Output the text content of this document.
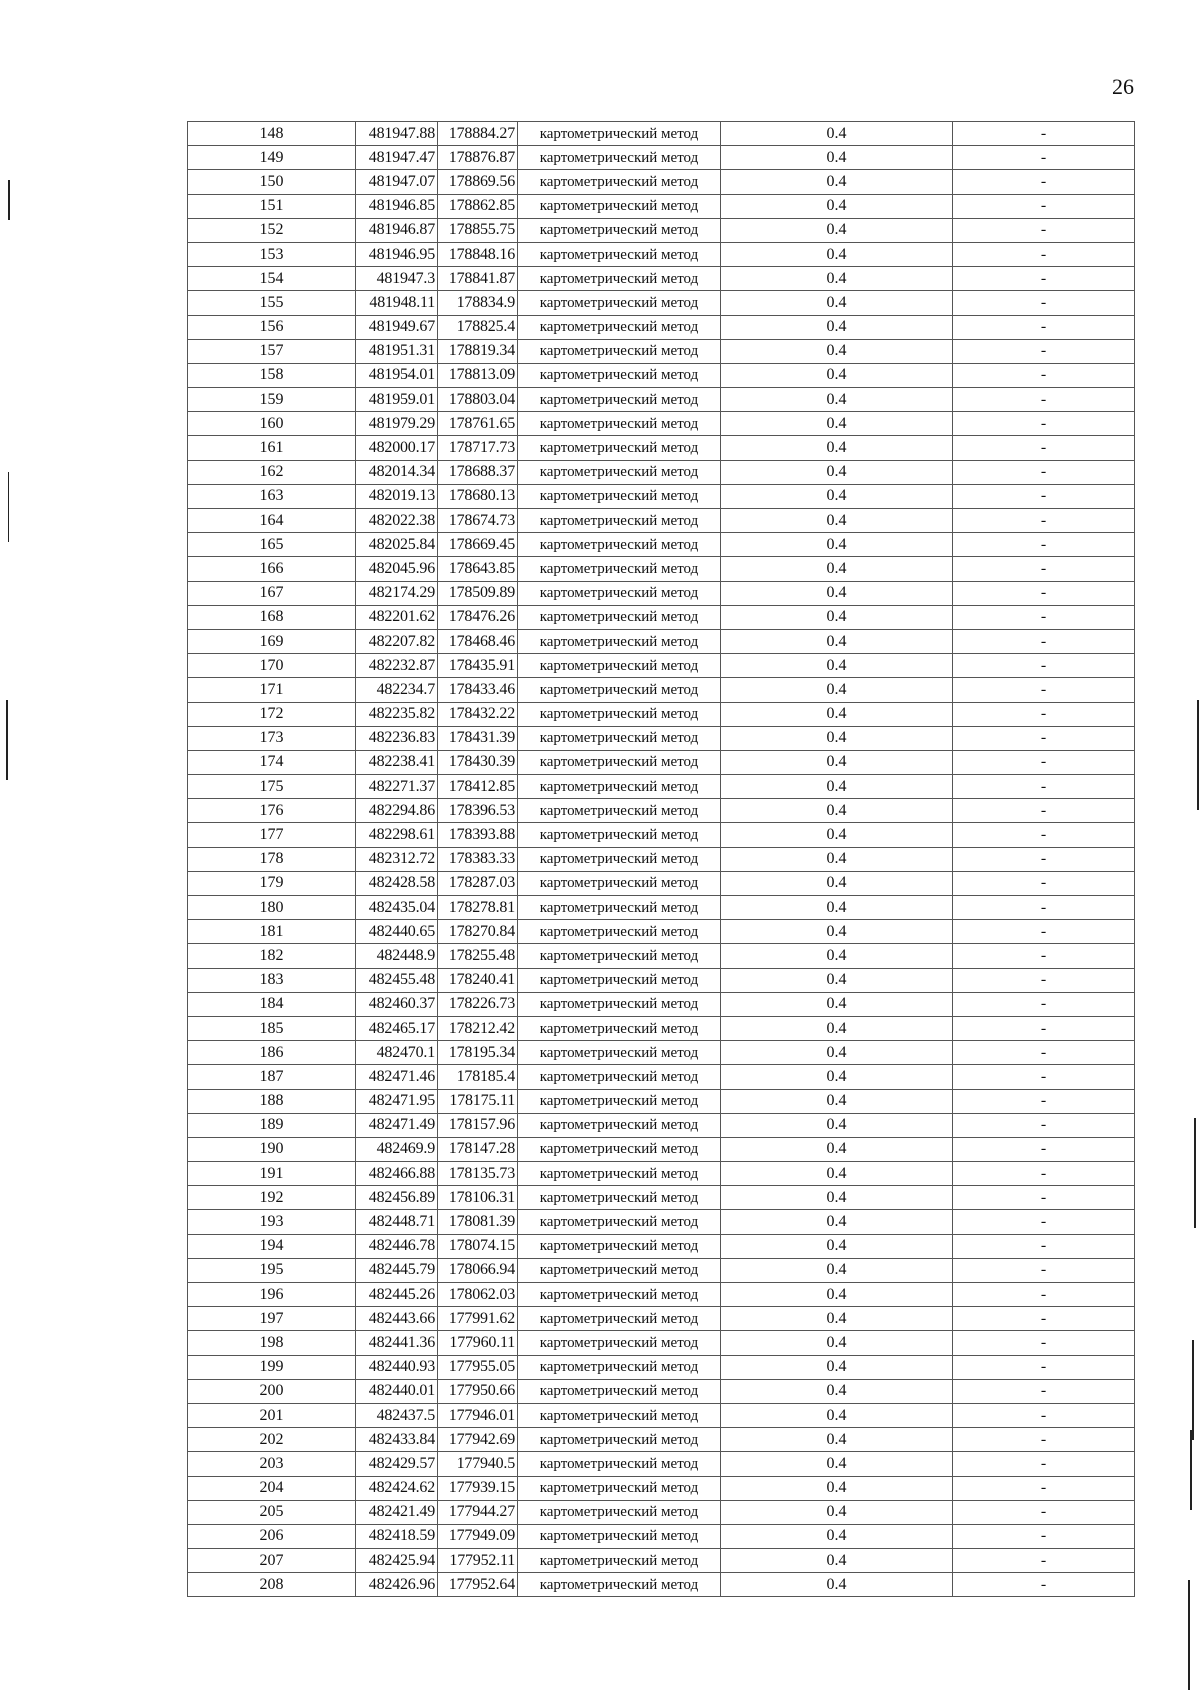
26
148	481947.88	178884.27	картометрический метод	0.4	-
149	481947.47	178876.87	картометрический метод	0.4	-
150	481947.07	178869.56	картометрический метод	0.4	-
151	481946.85	178862.85	картометрический метод	0.4	-
152	481946.87	178855.75	картометрический метод	0.4	-
153	481946.95	178848.16	картометрический метод	0.4	-
154	481947.3	178841.87	картометрический метод	0.4	-
155	481948.11	178834.9	картометрический метод	0.4	-
156	481949.67	178825.4	картометрический метод	0.4	-
157	481951.31	178819.34	картометрический метод	0.4	-
158	481954.01	178813.09	картометрический метод	0.4	-
159	481959.01	178803.04	картометрический метод	0.4	-
160	481979.29	178761.65	картометрический метод	0.4	-
161	482000.17	178717.73	картометрический метод	0.4	-
162	482014.34	178688.37	картометрический метод	0.4	-
163	482019.13	178680.13	картометрический метод	0.4	-
164	482022.38	178674.73	картометрический метод	0.4	-
165	482025.84	178669.45	картометрический метод	0.4	-
166	482045.96	178643.85	картометрический метод	0.4	-
167	482174.29	178509.89	картометрический метод	0.4	-
168	482201.62	178476.26	картометрический метод	0.4	-
169	482207.82	178468.46	картометрический метод	0.4	-
170	482232.87	178435.91	картометрический метод	0.4	-
171	482234.7	178433.46	картометрический метод	0.4	-
172	482235.82	178432.22	картометрический метод	0.4	-
173	482236.83	178431.39	картометрический метод	0.4	-
174	482238.41	178430.39	картометрический метод	0.4	-
175	482271.37	178412.85	картометрический метод	0.4	-
176	482294.86	178396.53	картометрический метод	0.4	-
177	482298.61	178393.88	картометрический метод	0.4	-
178	482312.72	178383.33	картометрический метод	0.4	-
179	482428.58	178287.03	картометрический метод	0.4	-
180	482435.04	178278.81	картометрический метод	0.4	-
181	482440.65	178270.84	картометрический метод	0.4	-
182	482448.9	178255.48	картометрический метод	0.4	-
183	482455.48	178240.41	картометрический метод	0.4	-
184	482460.37	178226.73	картометрический метод	0.4	-
185	482465.17	178212.42	картометрический метод	0.4	-
186	482470.1	178195.34	картометрический метод	0.4	-
187	482471.46	178185.4	картометрический метод	0.4	-
188	482471.95	178175.11	картометрический метод	0.4	-
189	482471.49	178157.96	картометрический метод	0.4	-
190	482469.9	178147.28	картометрический метод	0.4	-
191	482466.88	178135.73	картометрический метод	0.4	-
192	482456.89	178106.31	картометрический метод	0.4	-
193	482448.71	178081.39	картометрический метод	0.4	-
194	482446.78	178074.15	картометрический метод	0.4	-
195	482445.79	178066.94	картометрический метод	0.4	-
196	482445.26	178062.03	картометрический метод	0.4	-
197	482443.66	177991.62	картометрический метод	0.4	-
198	482441.36	177960.11	картометрический метод	0.4	-
199	482440.93	177955.05	картометрический метод	0.4	-
200	482440.01	177950.66	картометрический метод	0.4	-
201	482437.5	177946.01	картометрический метод	0.4	-
202	482433.84	177942.69	картометрический метод	0.4	-
203	482429.57	177940.5	картометрический метод	0.4	-
204	482424.62	177939.15	картометрический метод	0.4	-
205	482421.49	177944.27	картометрический метод	0.4	-
206	482418.59	177949.09	картометрический метод	0.4	-
207	482425.94	177952.11	картометрический метод	0.4	-
208	482426.96	177952.64	картометрический метод	0.4	-
